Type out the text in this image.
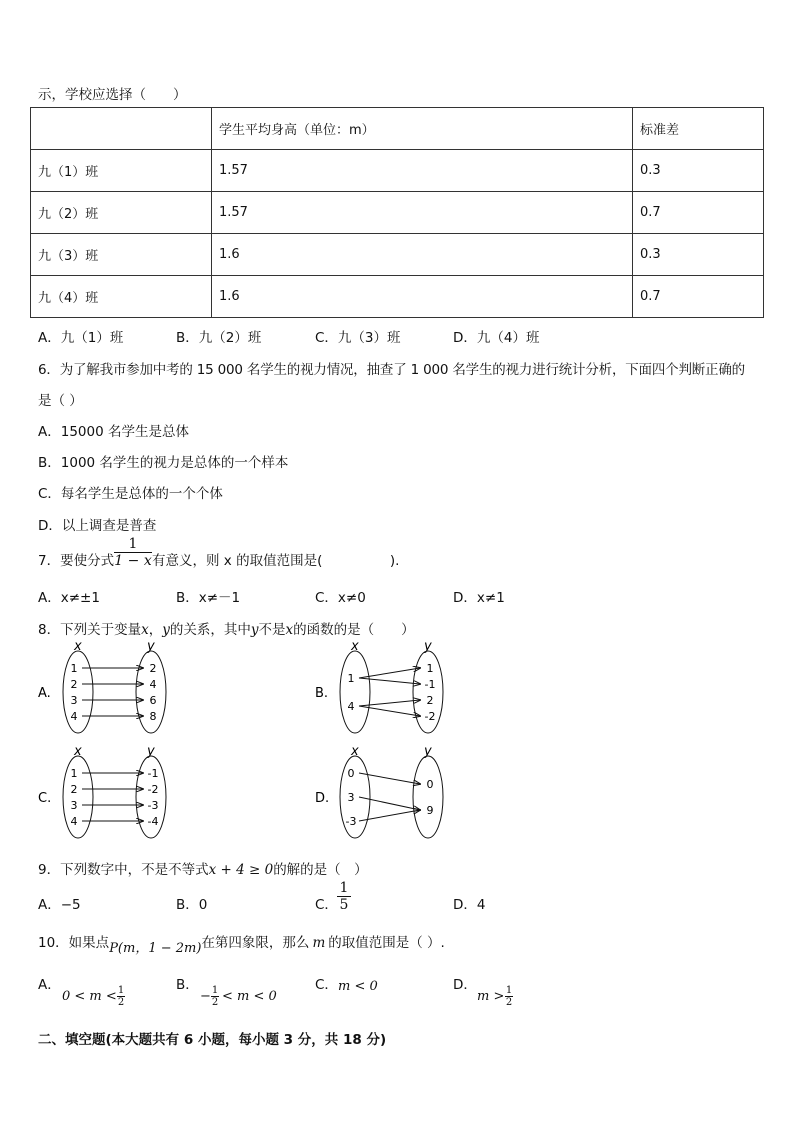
示，学校应选择（　　）
	学生平均身高（单位：m）	标准差
九（1）班	1.57	0.3
九（2）班	1.57	0.7
九（3）班	1.6	0.3
九（4）班	1.6	0.7
A．九（1）班	B．九（2）班	C．九（3）班	D．九（4）班
6．为了解我市参加中考的 15 000 名学生的视力情况，抽查了 1 000 名学生的视力进行统计分析，下面四个判断正确的
是（ ）
A．15000 名学生是总体
B．1000 名学生的视力是总体的一个样本
C．每名学生是总体的一个个体
D．以上调查是普查
7．要使分式 $\frac{1}{1 - x}$ 有意义，则 x 的取值范围是(　　　　　).
A．x≠±1	B．x≠－1	C．x≠0	D．x≠1
8．下列关于变量x，y的关系，其中y不是x的函数的是（　　）
A.
x	y
1
2
3
4
2
4
6
8
B.
x	y
1
4
1
-1
2
-2
C.
x	y
1
2
3
4
-1
-2
-3
-4
D.
x	y
0
3
-3
0
9
9．下列数字中，不是不等式x + 4 ≥ 0的解的是（　）
A．−5	B．0	C． $\frac{1}{5}$	D．4
10．如果点P(m，1 − 2m)在第四象限，那么 m 的取值范围是（ ）.
A．
$0 < m < \frac{1}{2}$	B．
− $\frac{1}{2} < m < 0$
C． m < 0	D．
$m > \frac{1}{2}$
二、填空题(本大题共有 6 小题，每小题 3 分，共 18 分)
